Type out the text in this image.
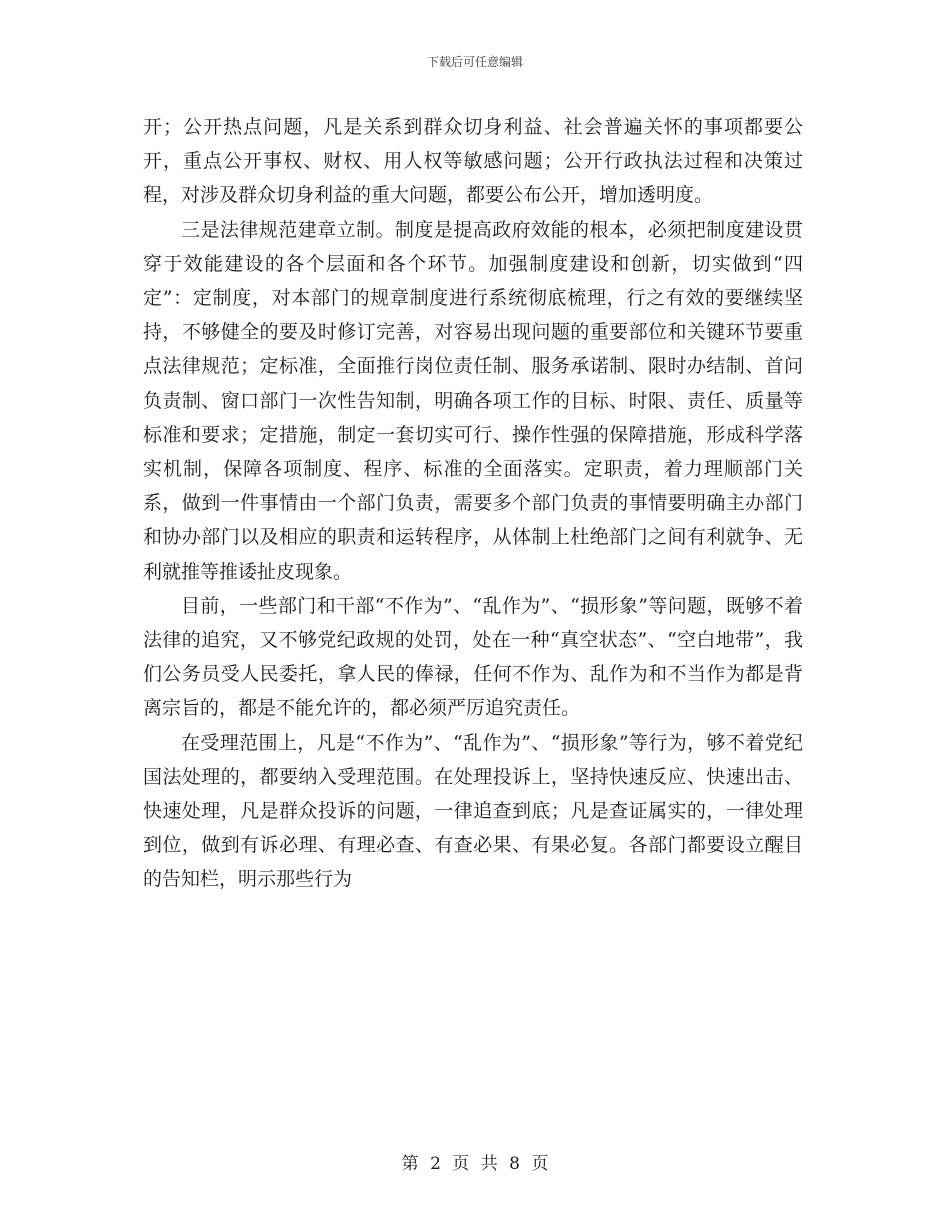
下载后可任意编辑

开；公开热点问题，凡是关系到群众切身利益、社会普遍关怀的事项都要公开，重点公开事权、财权、用人权等敏感问题；公开行政执法过程和决策过程，对涉及群众切身利益的重大问题，都要公布公开，增加透明度。

三是法律规范建章立制。制度是提高政府效能的根本，必须把制度建设贯穿于效能建设的各个层面和各个环节。加强制度建设和创新，切实做到“四定”：定制度，对本部门的规章制度进行系统彻底梳理，行之有效的要继续坚持，不够健全的要及时修订完善，对容易出现问题的重要部位和关键环节要重点法律规范；定标准，全面推行岗位责任制、服务承诺制、限时办结制、首问负责制、窗口部门一次性告知制，明确各项工作的目标、时限、责任、质量等标准和要求；定措施，制定一套切实可行、操作性强的保障措施，形成科学落实机制，保障各项制度、程序、标准的全面落实。定职责，着力理顺部门关系，做到一件事情由一个部门负责，需要多个部门负责的事情要明确主办部门和协办部门以及相应的职责和运转程序，从体制上杜绝部门之间有利就争、无利就推等推诿扯皮现象。

目前，一些部门和干部“不作为”、“乱作为”、“损形象”等问题，既够不着法律的追究，又不够党纪政规的处罚，处在一种“真空状态”、“空白地带”，我们公务员受人民委托，拿人民的俸禄，任何不作为、乱作为和不当作为都是背离宗旨的，都是不能允许的，都必须严厉追究责任。

在受理范围上，凡是“不作为”、“乱作为”、“损形象”等行为，够不着党纪国法处理的，都要纳入受理范围。在处理投诉上，坚持快速反应、快速出击、快速处理，凡是群众投诉的问题，一律追查到底；凡是查证属实的，一律处理到位，做到有诉必理、有理必查、有查必果、有果必复。各部门都要设立醒目的告知栏，明示那些行为

第 2 页 共 8 页
